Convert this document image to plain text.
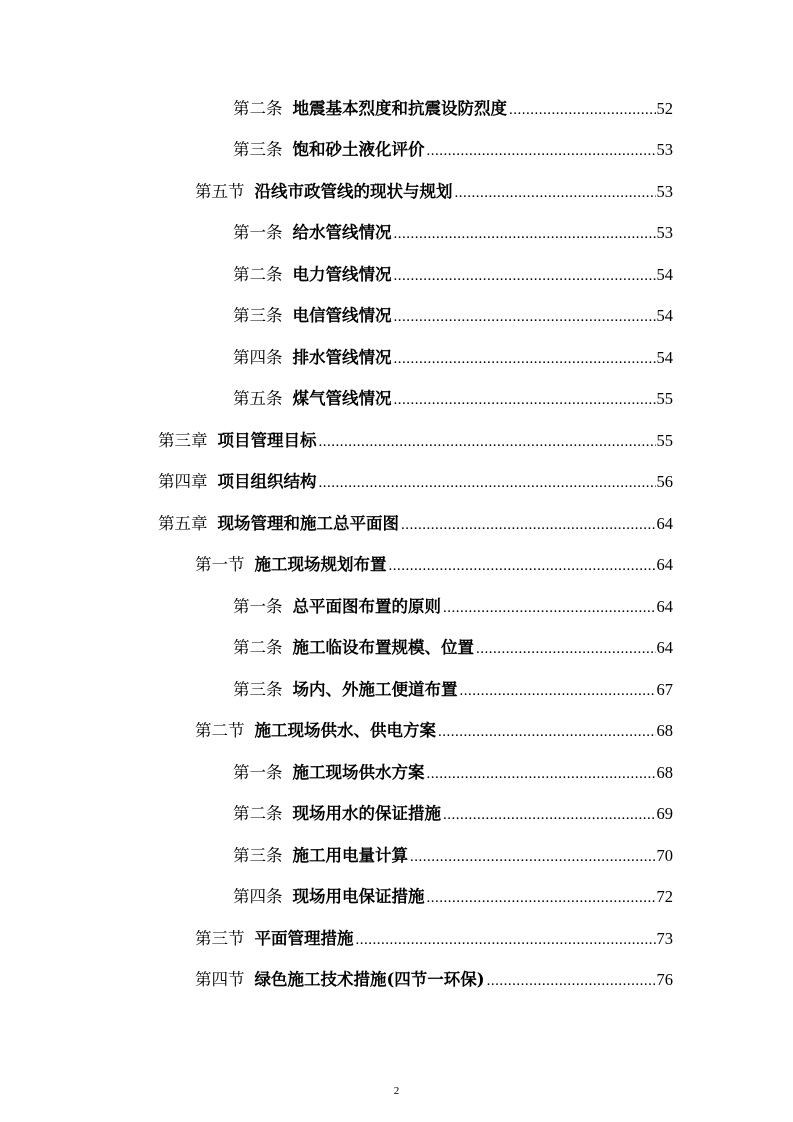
第二条 地震基本烈度和抗震设防烈度 .....	52
第三条 饱和砂土液化评价 .....	53
第五节 沿线市政管线的现状与规划 .....	53
第一条 给水管线情况 .....	53
第二条 电力管线情况 .....	54
第三条 电信管线情况 .....	54
第四条 排水管线情况 .....	54
第五条 煤气管线情况 .....	55
第三章 项目管理目标 .....	55
第四章 项目组织结构 .....	56
第五章 现场管理和施工总平面图 .....	64
第一节 施工现场规划布置 .....	64
第一条 总平面图布置的原则 .....	64
第二条 施工临设布置规模、位置 .....	64
第三条 场内、外施工便道布置 .....	67
第二节 施工现场供水、供电方案 .....	68
第一条 施工现场供水方案 .....	68
第二条 现场用水的保证措施 .....	69
第三条 施工用电量计算 .....	70
第四条 现场用电保证措施 .....	72
第三节 平面管理措施 .....	73
第四节 绿色施工技术措施(四节一环保) .....	76
2
